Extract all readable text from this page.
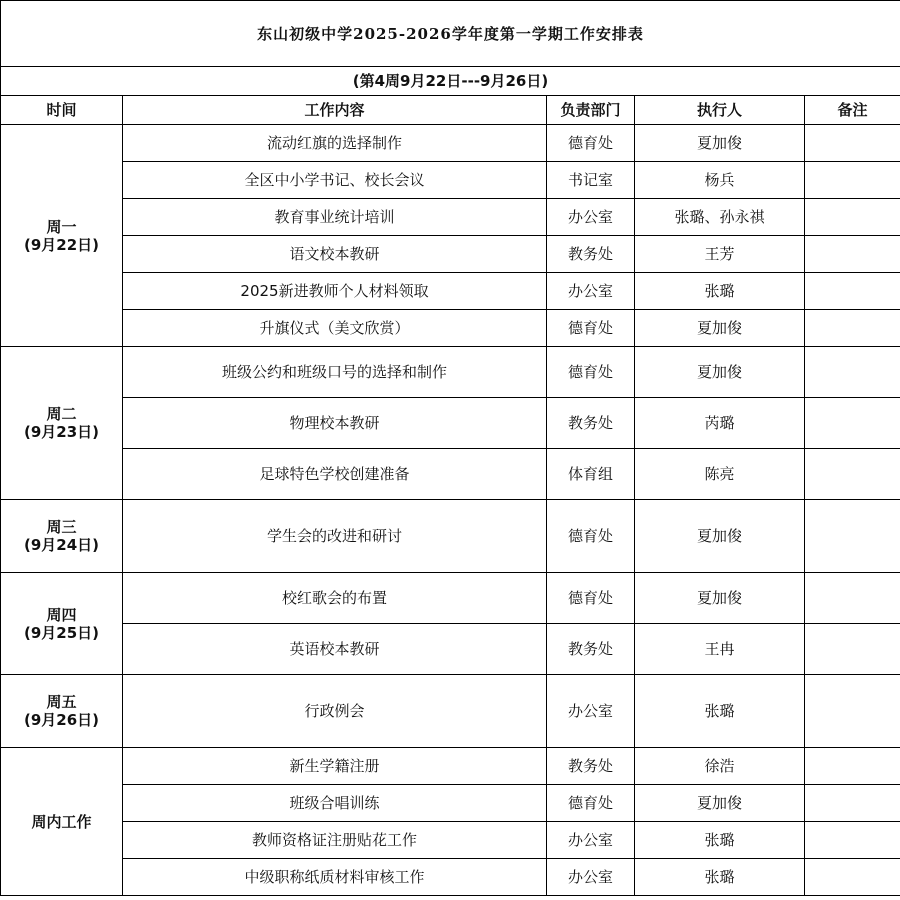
东山初级中学2025-2026学年度第一学期工作安排表				
(第4周9月22日---9月26日)				
时间	工作内容	负责部门	执行人	备注

周一
(9月22日)	流动红旗的选择制作	德育处	夏加俊	
	全区中小学书记、校长会议	书记室	杨兵	
	教育事业统计培训	办公室	张璐、孙永祺	
	语文校本教研	教务处	王芳	
	2025新进教师个人材料领取	办公室	张璐	
	升旗仪式（美文欣赏）	德育处	夏加俊	

周二
(9月23日)	班级公约和班级口号的选择和制作	德育处	夏加俊	
	物理校本教研	教务处	芮璐	
	足球特色学校创建准备	体育组	陈亮	

周三
(9月24日)	学生会的改进和研讨	德育处	夏加俊	

周四
(9月25日)	校红歌会的布置	德育处	夏加俊	
	英语校本教研	教务处	王冉	

周五
(9月26日)	行政例会	办公室	张璐	

周内工作	新生学籍注册	教务处	徐浩	
	班级合唱训练	德育处	夏加俊	
	教师资格证注册贴花工作	办公室	张璐	
	中级职称纸质材料审核工作	办公室	张璐	
